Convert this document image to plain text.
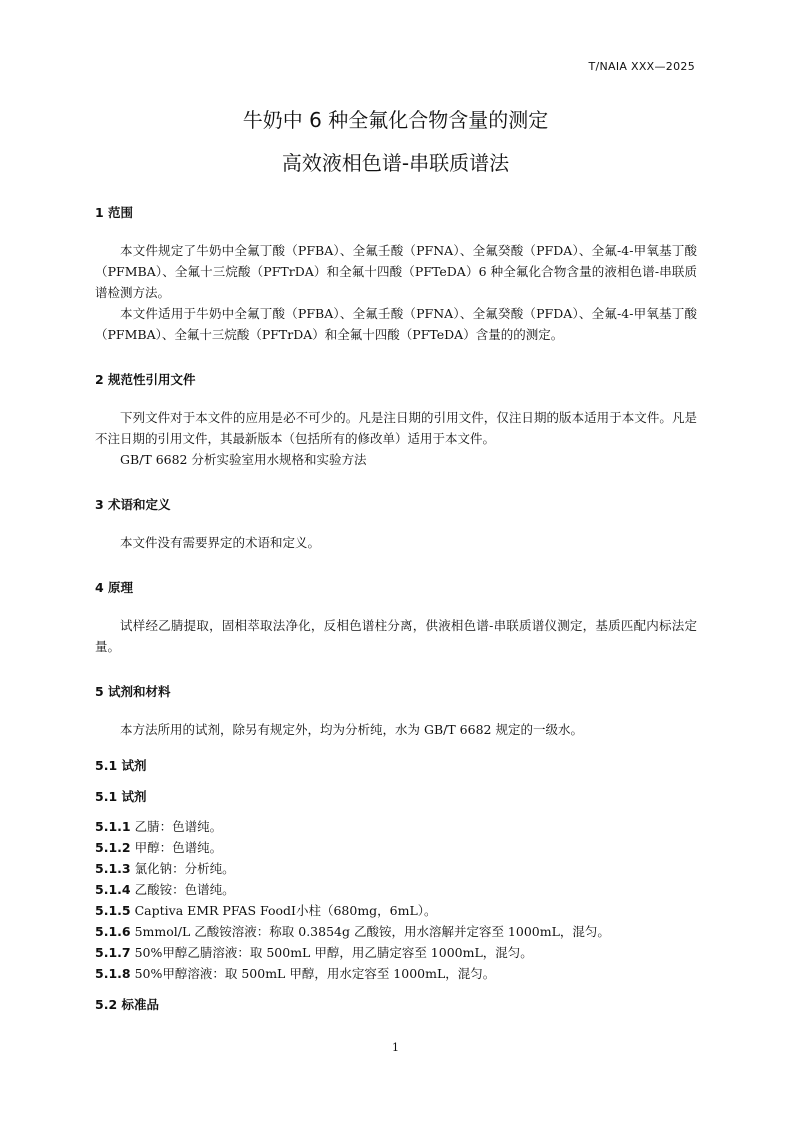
T/NAIA XXX—2025
牛奶中 6 种全氟化合物含量的测定
高效液相色谱-串联质谱法
1 范围
本文件规定了牛奶中全氟丁酸（PFBA）、全氟壬酸（PFNA）、全氟癸酸（PFDA）、全氟-4-甲氧基丁酸（PFMBA）、全氟十三烷酸（PFTrDA）和全氟十四酸（PFTeDA）6 种全氟化合物含量的液相色谱-串联质谱检测方法。
本文件适用于牛奶中全氟丁酸（PFBA）、全氟壬酸（PFNA）、全氟癸酸（PFDA）、全氟-4-甲氧基丁酸（PFMBA）、全氟十三烷酸（PFTrDA）和全氟十四酸（PFTeDA）含量的的测定。
2 规范性引用文件
下列文件对于本文件的应用是必不可少的。凡是注日期的引用文件，仅注日期的版本适用于本文件。凡是不注日期的引用文件，其最新版本（包括所有的修改单）适用于本文件。
GB/T 6682 分析实验室用水规格和实验方法
3 术语和定义
本文件没有需要界定的术语和定义。
4 原理
试样经乙腈提取，固相萃取法净化，反相色谱柱分离，供液相色谱-串联质谱仪测定，基质匹配内标法定量。
5 试剂和材料
本方法所用的试剂，除另有规定外，均为分析纯，水为 GB/T 6682 规定的一级水。
5.1 试剂
5.1 试剂
5.1.1 乙腈：色谱纯。
5.1.2 甲醇：色谱纯。
5.1.3 氯化钠：分析纯。
5.1.4 乙酸铵：色谱纯。
5.1.5 Captiva EMR PFAS FoodⅠ小柱（680mg，6mL）。
5.1.6 5mmol/L 乙酸铵溶液：称取 0.3854g 乙酸铵，用水溶解并定容至 1000mL，混匀。
5.1.7 50%甲醇乙腈溶液：取 500mL 甲醇，用乙腈定容至 1000mL，混匀。
5.1.8 50%甲醇溶液：取 500mL 甲醇，用水定容至 1000mL，混匀。
5.2 标准品
1
